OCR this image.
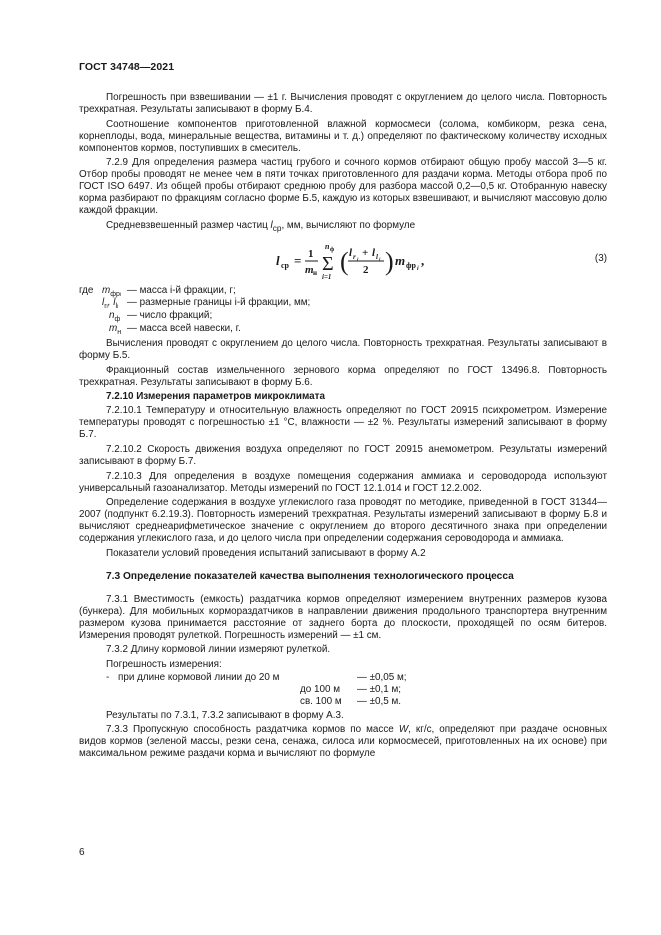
ГОСТ 34748—2021

Погрешность при взвешивании — ±1 г. Вычисления проводят с округлением до целого числа. Повторность трехкратная. Результаты записывают в форму Б.4.

Соотношение компонентов приготовленной влажной кормосмеси (солома, комбикорм, резка сена, корнеплоды, вода, минеральные вещества, витамины и т. д.) определяют по фактическому количеству исходных компонентов кормов, поступивших в смеситель.

7.2.9 Для определения размера частиц грубого и сочного кормов отбирают общую пробу массой 3—5 кг. Отбор пробы проводят не менее чем в пяти точках приготовленного для раздачи корма. Методы отбора проб по ГОСТ ISO 6497. Из общей пробы отбирают среднюю пробу для разбора массой 0,2—0,5 кг. Отобранную навеску корма разбирают по фракциям согласно форме Б.5, каждую из которых взвешивают, и вычисляют массовую долю каждой фракции.

Средневзвешенный размер частиц $l_{ср}$, мм, вычисляют по формуле

l ср = 1
m н
n ф
Σ
i=1
( l r + l l
2 ) m фр i
,	(3)
где $m_{фрi}$ — масса i-й фракции, г;
$l_{ri}$, $l_{li}$ — размерные границы i-й фракции, мм;
$n_ф$ — число фракций;
$m_н$ — масса всей навески, г.

Вычисления проводят с округлением до целого числа. Повторность трехкратная. Результаты записывают в форму Б.5.

Фракционный состав измельченного зернового корма определяют по ГОСТ 13496.8. Повторность трехкратная. Результаты записывают в форму Б.6.

7.2.10 Измерения параметров микроклимата

7.2.10.1 Температуру и относительную влажность определяют по ГОСТ 20915 психрометром. Измерение температуры проводят с погрешностью ±1 °С, влажности — ±2 %. Результаты измерений записывают в форму Б.7.

7.2.10.2 Скорость движения воздуха определяют по ГОСТ 20915 анемометром. Результаты измерений записывают в форму Б.7.

7.2.10.3 Для определения в воздухе помещения содержания аммиака и сероводорода используют универсальный газоанализатор. Методы измерений по ГОСТ 12.1.014 и ГОСТ 12.2.002.

Определение содержания в воздухе углекислого газа проводят по методике, приведенной в ГОСТ 31344—2007 (подпункт 6.2.19.3). Повторность измерений трехкратная. Результаты измерений записывают в форму Б.8 и вычисляют среднеарифметическое значение с округлением до второго десятичного знака при определении содержания углекислого газа, и до целого числа при определении содержания сероводорода и аммиака.

Показатели условий проведения испытаний записывают в форму А.2

7.3 Определение показателей качества выполнения технологического процесса

7.3.1 Вместимость (емкость) раздатчика кормов определяют измерением внутренних размеров кузова (бункера). Для мобильных кормораздатчиков в направлении движения продольного транспортера внутренним размером кузова принимается расстояние от заднего борта до плоскости, проходящей по осям битеров. Измерения проводят рулеткой. Погрешность измерений — ±1 см.

7.3.2 Длину кормовой линии измеряют рулеткой.

Погрешность измерения:
- при длине кормовой линии до 20 м	— ±0,05 м;
до 100 м — ±0,1 м;
св. 100 м — ±0,5 м.

Результаты по 7.3.1, 7.3.2 записывают в форму А.3.

7.3.3 Пропускную способность раздатчика кормов по массе W, кг/с, определяют при раздаче основных видов кормов (зеленой массы, резки сена, сенажа, силоса или кормосмесей, приготовленных на их основе) при максимальном режиме раздачи корма и вычисляют по формуле

6
